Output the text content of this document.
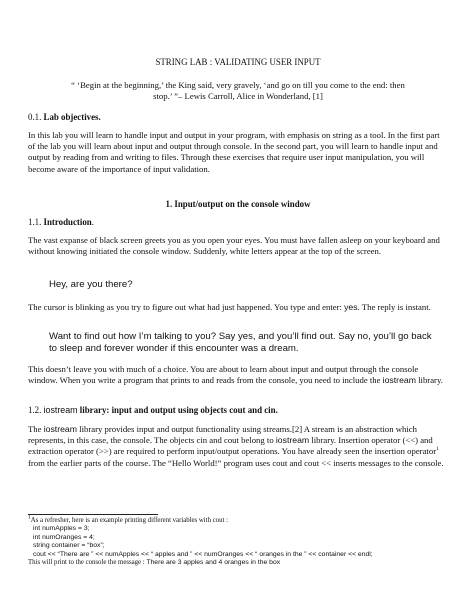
STRING LAB : VALIDATING USER INPUT
“ ‘Begin at the beginning,’ the King said, very gravely, ‘and go on till you come to the end: then
stop.’ ”– Lewis Carroll, Alice in Wonderland, [1]
0.1. Lab objectives.
In this lab you will learn to handle input and output in your program, with emphasis on string as a tool. In the first part of the lab you will learn about input and output through console. In the second part, you will learn to handle input and output by reading from and writing to files. Through these exercises that require user input manipulation, you will become aware of the importance of input validation.
1. Input/output on the console window
1.1. Introduction.
The vast expanse of black screen greets you as you open your eyes. You must have fallen asleep on your keyboard and without knowing initiated the console window. Suddenly, white letters appear at the top of the screen.
Hey, are you there?
The cursor is blinking as you try to figure out what had just happened. You type and enter: yes. The reply is instant.
Want to find out how I’m talking to you? Say yes, and you’ll find out. Say no, you’ll go back to sleep and forever wonder if this encounter was a dream.
This doesn’t leave you with much of a choice. You are about to learn about input and output through the console window. When you write a program that prints to and reads from the console, you need to include the iostream library.
1.2. iostream library: input and output using objects cout and cin.
The iostream library provides input and output functionality using streams.[2] A stream is an abstraction which represents, in this case, the console. The objects cin and cout belong to iostream library. Insertion operator (<<) and extraction operator (>>) are required to perform input/output operations. You have already seen the insertion operator$^1$ from the earlier parts of the course. The “Hello World!” program uses cout and cout << inserts messages to the console.
$^1$As a refresher, here is an example printing different variables with cout :
int numApples = 3;
int numOranges = 4;
string container = “box”;
cout << “There are ” << numApples << “ apples and ” << numOranges << “ oranges in the ” << container << endl;
This will print to the console the message : There are 3 apples and 4 oranges in the box
